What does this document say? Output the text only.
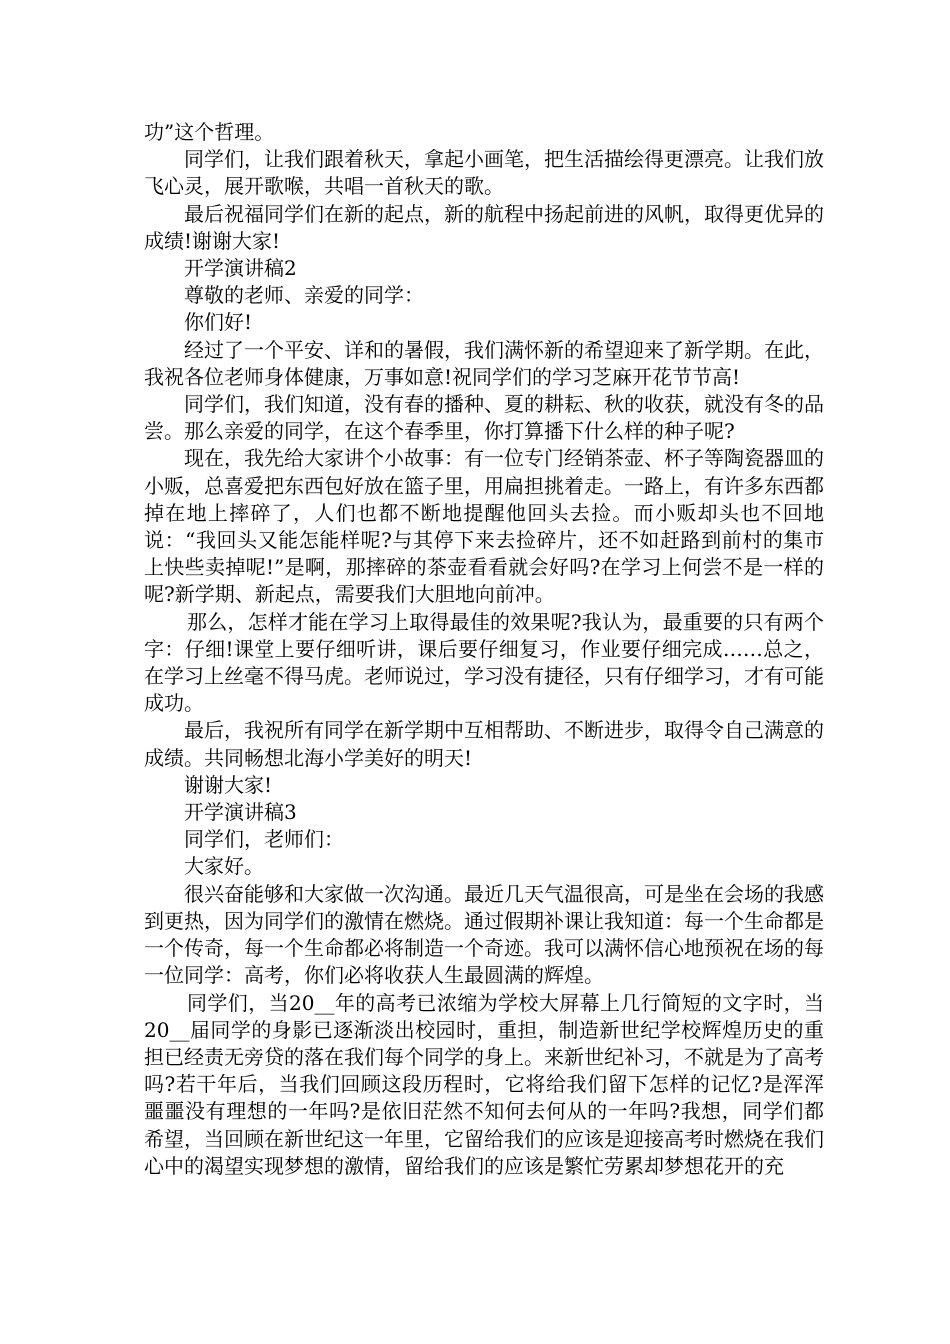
功”这个哲理。

同学们，让我们跟着秋天，拿起小画笔，把生活描绘得更漂亮。让我们放飞心灵，展开歌喉，共唱一首秋天的歌。

最后祝福同学们在新的起点，新的航程中扬起前进的风帆，取得更优异的成绩!谢谢大家!

开学演讲稿2

尊敬的老师、亲爱的同学：

你们好!

经过了一个平安、详和的暑假，我们满怀新的希望迎来了新学期。在此，我祝各位老师身体健康，万事如意!祝同学们的学习芝麻开花节节高!

同学们，我们知道，没有春的播种、夏的耕耘、秋的收获，就没有冬的品尝。那么亲爱的同学，在这个春季里，你打算播下什么样的种子呢?

现在，我先给大家讲个小故事：有一位专门经销茶壶、杯子等陶瓷器皿的小贩，总喜爱把东西包好放在篮子里，用扁担挑着走。一路上，有许多东西都掉在地上摔碎了，人们也都不断地提醒他回头去捡。而小贩却头也不回地说：“我回头又能怎能样呢?与其停下来去捡碎片，还不如赶路到前村的集市上快些卖掉呢!”是啊，那摔碎的茶壶看看就会好吗?在学习上何尝不是一样的呢?新学期、新起点，需要我们大胆地向前冲。

那么，怎样才能在学习上取得最佳的效果呢?我认为，最重要的只有两个字：仔细!课堂上要仔细听讲，课后要仔细复习，作业要仔细完成……总之，在学习上丝毫不得马虎。老师说过，学习没有捷径，只有仔细学习，才有可能成功。

最后，我祝所有同学在新学期中互相帮助、不断进步，取得令自己满意的成绩。共同畅想北海小学美好的明天!

谢谢大家!

开学演讲稿3

同学们，老师们：

大家好。

很兴奋能够和大家做一次沟通。最近几天气温很高，可是坐在会场的我感到更热，因为同学们的激情在燃烧。通过假期补课让我知道：每一个生命都是一个传奇，每一个生命都必将制造一个奇迹。我可以满怀信心地预祝在场的每一位同学：高考，你们必将收获人生最圆满的辉煌。

同学们，当20__年的高考已浓缩为学校大屏幕上几行简短的文字时，当20__届同学的身影已逐渐淡出校园时，重担，制造新世纪学校辉煌历史的重担已经责无旁贷的落在我们每个同学的身上。来新世纪补习，不就是为了高考吗?若干年后，当我们回顾这段历程时，它将给我们留下怎样的记忆?是浑浑噩噩没有理想的一年吗?是依旧茫然不知何去何从的一年吗?我想，同学们都希望，当回顾在新世纪这一年里，它留给我们的应该是迎接高考时燃烧在我们心中的渴望实现梦想的激情，留给我们的应该是繁忙劳累却梦想花开的充
